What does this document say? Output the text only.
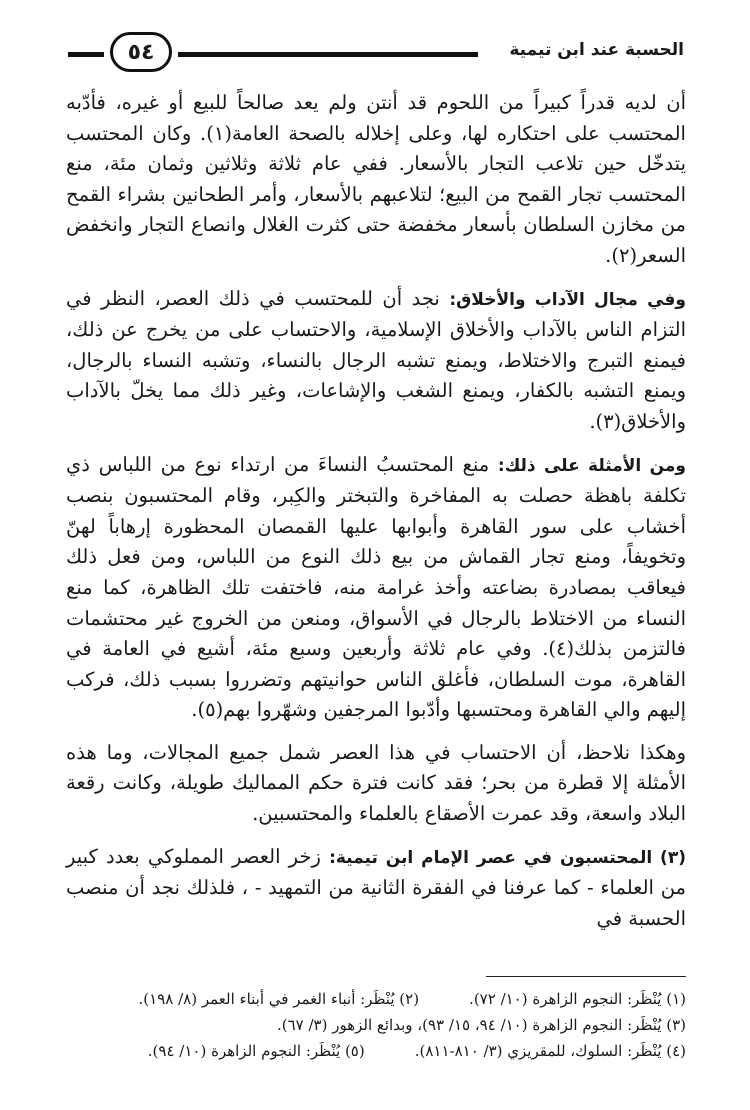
الحسبة عند ابن تيمية
٥٤

أن لديه قدراً كبيراً من اللحوم قد أنتن ولم يعد صالحاً للبيع أو غيره، فأدّبه المحتسب على احتكاره لها، وعلى إخلاله بالصحة العامة(١). وكان المحتسب يتدخّل حين تلاعب التجار بالأسعار. ففي عام ثلاثة وثلاثين وثمان مئة، منع المحتسب تجار القمح من البيع؛ لتلاعبهم بالأسعار، وأمر الطحانين بشراء القمح من مخازن السلطان بأسعار مخفضة حتى كثرت الغلال وانصاع التجار وانخفض السعر(٢).

وفي مجال الآداب والأخلاق: نجد أن للمحتسب في ذلك العصر، النظر في التزام الناس بالآداب والأخلاق الإسلامية، والاحتساب على من يخرج عن ذلك، فيمنع التبرج والاختلاط، ويمنع تشبه الرجال بالنساء، وتشبه النساء بالرجال، ويمنع التشبه بالكفار، ويمنع الشغب والإشاعات، وغير ذلك مما يخلّ بالآداب والأخلاق(٣).

ومن الأمثلة على ذلك: منع المحتسبُ النساءَ من ارتداء نوع من اللباس ذي تكلفة باهظة حصلت به المفاخرة والتبختر والكِبر، وقام المحتسبون بنصب أخشاب على سور القاهرة وأبوابها عليها القمصان المحظورة إرهاباً لهنّ وتخويفاً، ومنع تجار القماش من بيع ذلك النوع من اللباس، ومن فعل ذلك فيعاقب بمصادرة بضاعته وأخذ غرامة منه، فاختفت تلك الظاهرة، كما منع النساء من الاختلاط بالرجال في الأسواق، ومنعن من الخروج غير محتشمات فالتزمن بذلك(٤). وفي عام ثلاثة وأربعين وسبع مئة، أشيع في العامة في القاهرة، موت السلطان، فأغلق الناس حوانيتهم وتضرروا بسبب ذلك، فركب إليهم والي القاهرة ومحتسبها وأدّبوا المرجفين وشهّروا بهم(٥).

وهكذا نلاحظ، أن الاحتساب في هذا العصر شمل جميع المجالات، وما هذه الأمثلة إلا قطرة من بحر؛ فقد كانت فترة حكم المماليك طويلة، وكانت رقعة البلاد واسعة، وقد عمرت الأصقاع بالعلماء والمحتسبين.

(٣) المحتسبون في عصر الإمام ابن تيمية: زخر العصر المملوكي بعدد كبير من العلماء - كما عرفنا في الفقرة الثانية من التمهيد - ، فلذلك نجد أن منصب الحسبة في

(١) يُنْظَر: النجوم الزاهرة (١٠/ ٧٢).
(٢) يُنْظَر: أنباء الغمر في أبناء العمر (٨/ ١٩٨).
(٣) يُنْظَر: النجوم الزاهرة (١٠/ ٩٤، ١٥/ ٩٣)، وبدائع الزهور (٣/ ٦٧).
(٤) يُنْظَر: السلوك، للمقريزي (٣/ ٨١٠-٨١١).
(٥) يُنْظَر: النجوم الزاهرة (١٠/ ٩٤).
